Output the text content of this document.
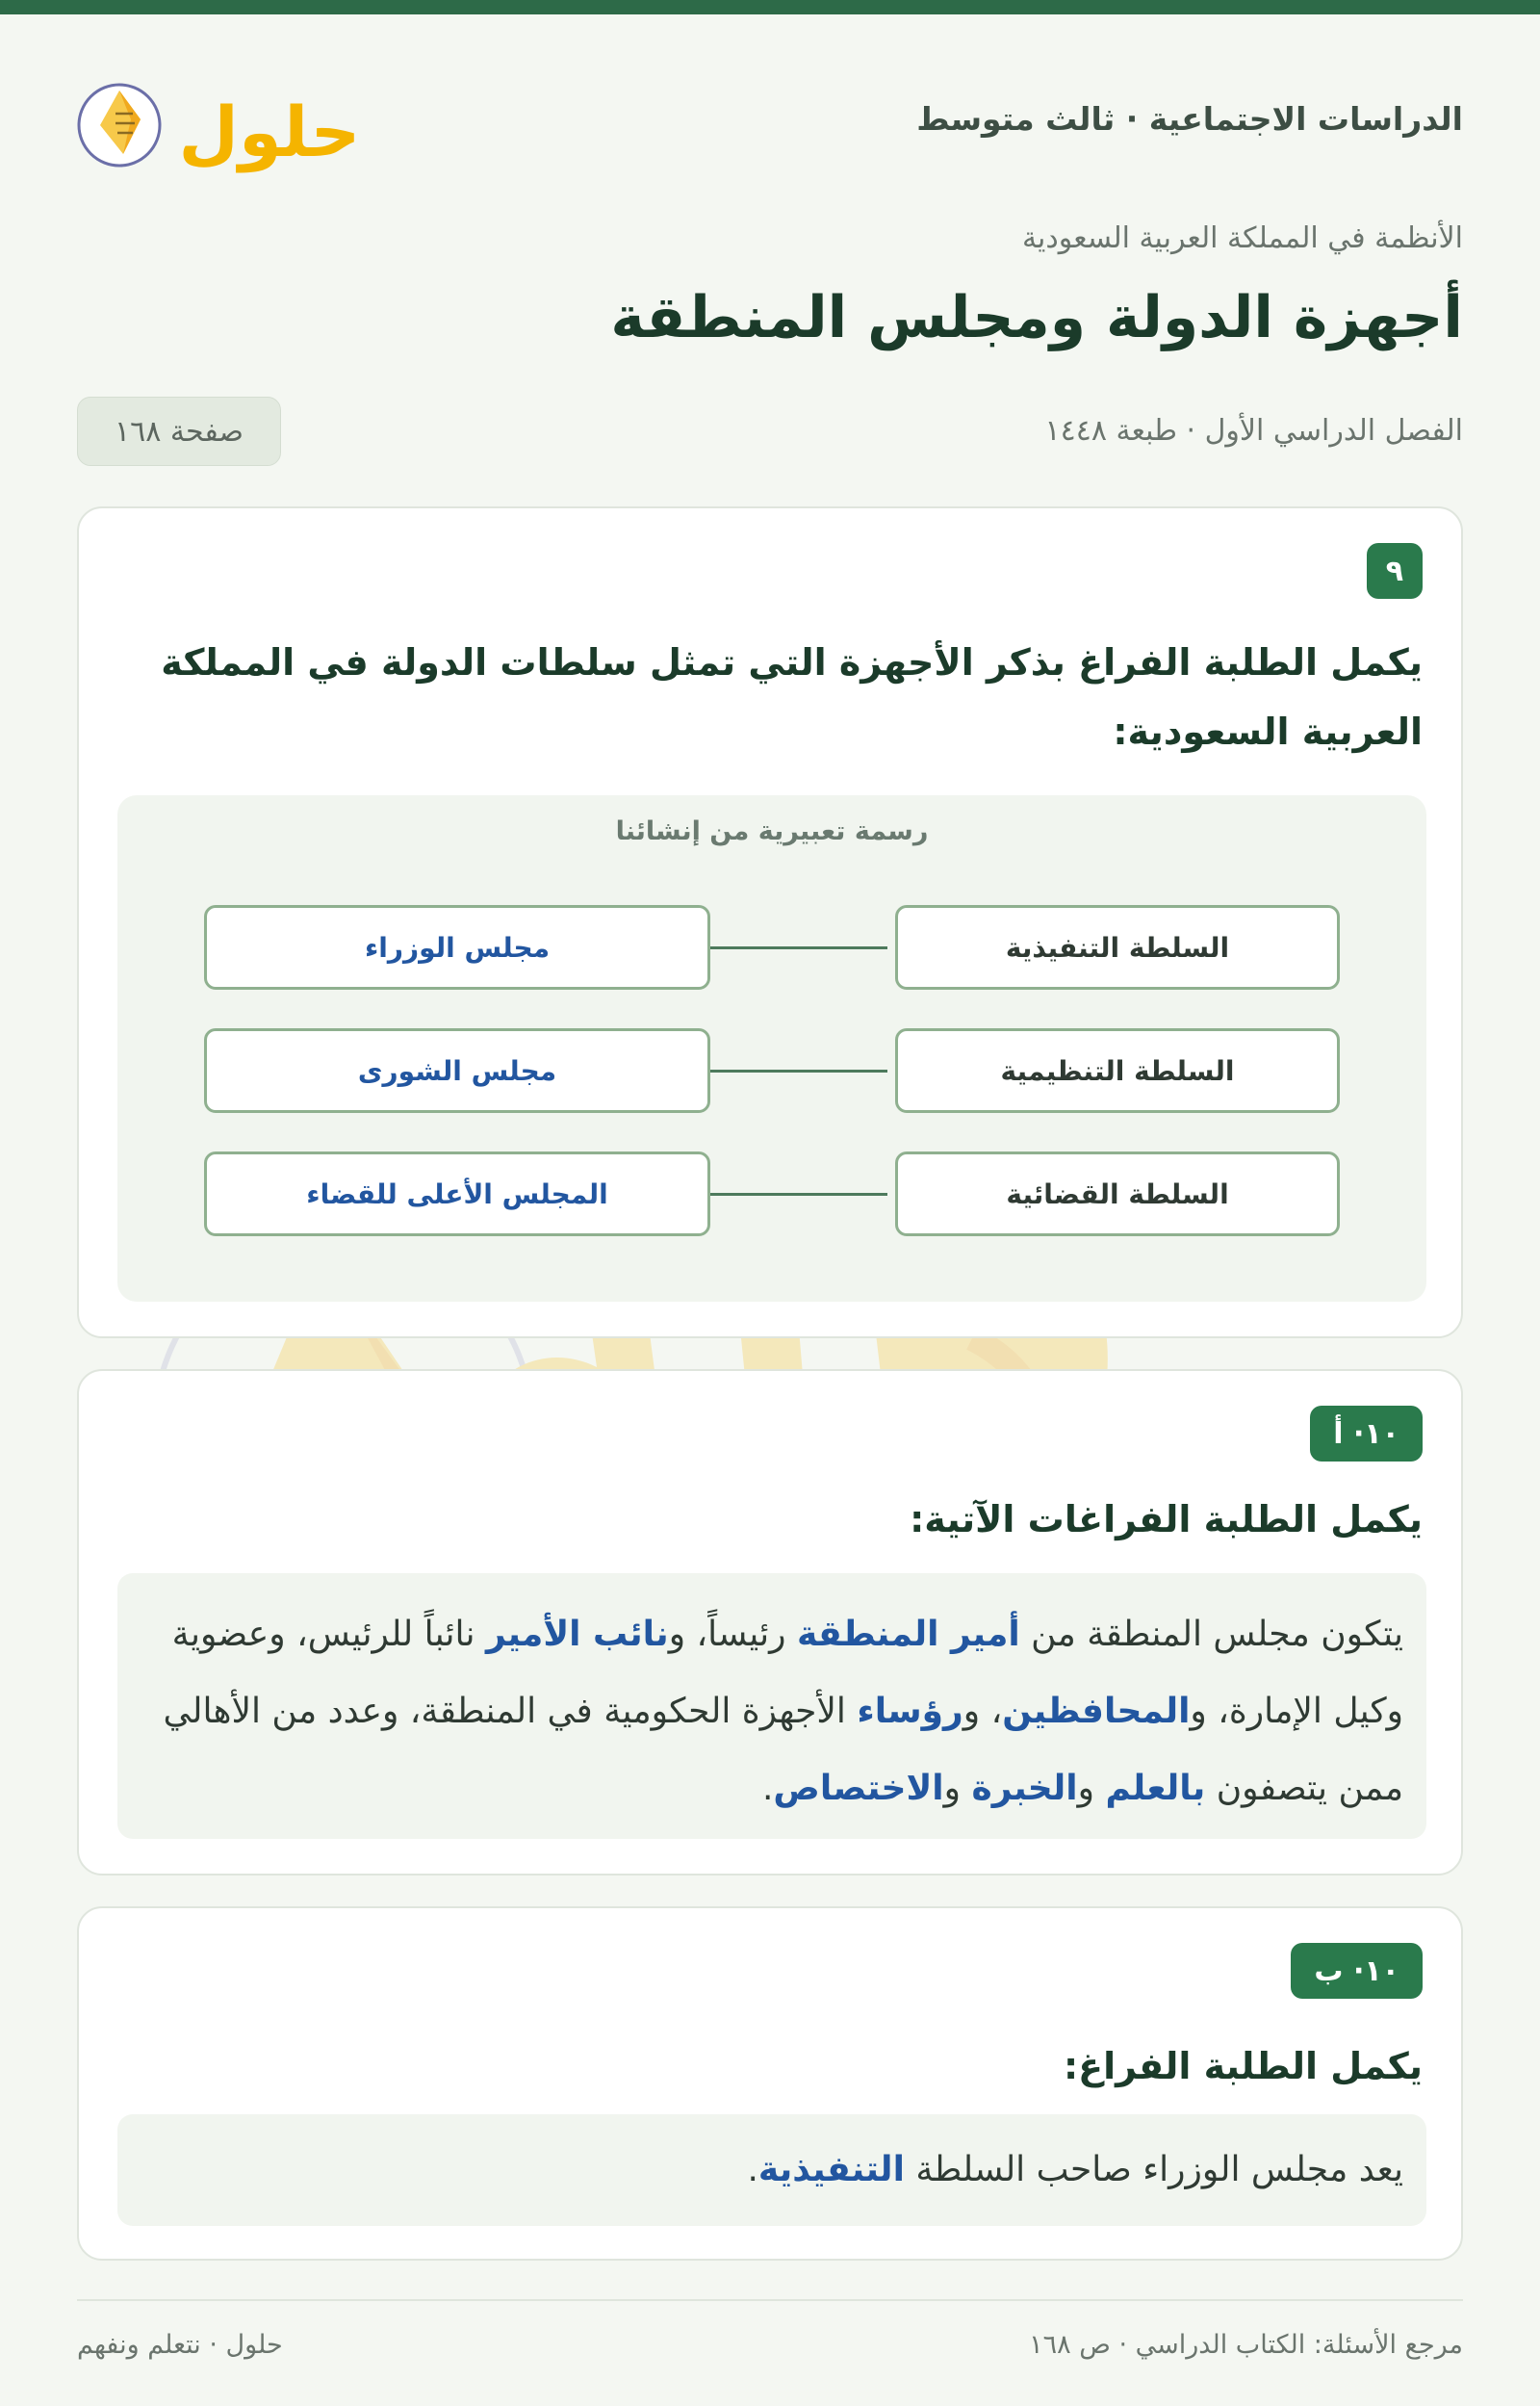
الدراسات الاجتماعية · ثالث متوسط
حلول
الأنظمة في المملكة العربية السعودية
أجهزة الدولة ومجلس المنطقة
الفصل الدراسي الأول · طبعة ١٤٤٨
صفحة ١٦٨
٩
يكمل الطلبة الفراغ بذكر الأجهزة التي تمثل سلطات الدولة في المملكة العربية السعودية:
رسمة تعبيرية من إنشائنا
السلطة التنفيذية
مجلس الوزراء
السلطة التنظيمية
مجلس الشورى
السلطة القضائية
المجلس الأعلى للقضاء
١٠· أ
يكمل الطلبة الفراغات الآتية:
يتكون مجلس المنطقة من أمير المنطقة رئيساً، ونائب الأمير نائباً للرئيس، وعضوية وكيل الإمارة، والمحافظين، ورؤساء الأجهزة الحكومية في المنطقة، وعدد من الأهالي ممن يتصفون بالعلم والخبرة والاختصاص.
١٠· ب
يكمل الطلبة الفراغ:
يعد مجلس الوزراء صاحب السلطة التنفيذية.
مرجع الأسئلة: الكتاب الدراسي · ص ١٦٨
حلول · نتعلم ونفهم
